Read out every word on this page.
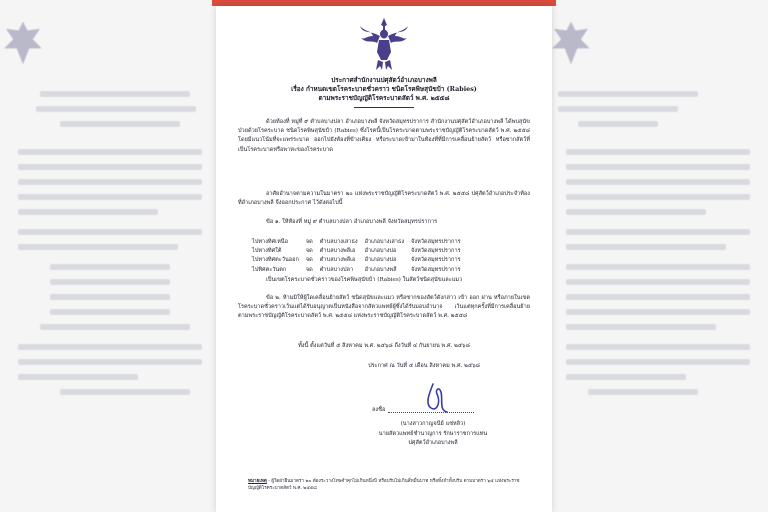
ประกาศสำนักงานปศุสัตว์อำเภอบางพลี
เรื่อง กำหนดเขตโรคระบาดชั่วคราว ชนิดโรคพิษสุนัขบ้า (Rabies)
ตามพระราชบัญญัติโรคระบาดสัตว์ พ.ศ. ๒๕๕๘

ด้วยท้องที่ หมู่ที่ ๙ ตำบลบางปลา อำเภอบางพลี จังหวัดสมุทรปราการ สำนักงานปศุสัตว์อำเภอบางพลี ได้พบสุนัขป่วยด้วยโรคระบาด ชนิดโรคพิษสุนัขบ้า (Rabies) ซึ่งโรคนี้เป็นโรคระบาดตามพระราชบัญญัติโรคระบาดสัตว์ พ.ศ. ๒๕๕๘ โดยมีแนวโน้มที่จะแพร่ระบาด ออกไปยังท้องที่ข้างเคียง หรือระบาดเข้ามาในท้องที่ที่มีการเคลื่อนย้ายสัตว์ หรือซากสัตว์ที่เป็นโรคระบาดหรือพาหะของโรคระบาด

อาศัยอำนาจตามความในมาตรา ๒๐ แห่งพระราชบัญญัติโรคระบาดสัตว์ พ.ศ. ๒๕๕๘ ปศุสัตว์อำเภอประจำท้องที่อำเภอบางพลี จึงออกประกาศ ไว้ดังต่อไปนี้

ข้อ ๑. ให้ท้องที่ หมู่ ๙ ตำบลบางปลา อำเภอบางพลี จังหวัดสมุทรปราการ

ไปทางทิศเหนือ	จด	ตำบลบางเสาธง	อำเภอบางเสาธง	จังหวัดสมุทรปราการ
ไปทางทิศใต้	จด	ตำบลบางพลีเอ	อำเภอบางบ่อ	จังหวัดสมุทรปราการ
ไปทางทิศตะวันออก	จด	ตำบลบางพลีเอ	อำเภอบางบ่อ	จังหวัดสมุทรปราการ
ไปทิศตะวันตก	จด	ตำบลบางปลา	อำเภอบางพลี	จังหวัดสมุทรปราการ

เป็นเขตโรคระบาดชั่วคราวของโรคพิษสุนัขบ้า (Rabies) ในสัตว์ชนิดสุนัขและแมว

ข้อ ๒. ห้ามมิให้ผู้ใดเคลื่อนย้ายสัตว์ ชนิดสุนัขและแมว หรือซากของสัตว์ดังกล่าว เข้า ออก ผ่าน หรือภายในเขตโรคระบาดชั่วคราวเว้นแต่ได้รับอนุญาตเป็นหนังสือจากสัตวแพทย์ผู้ซึ่งได้รับมอบอำนาจ เว้นแต่ทุกครั้งที่มีการเคลื่อนย้ายตามพระราชบัญญัติโรคระบาดสัตว์ พ.ศ. ๒๕๕๘ แห่งพระราชบัญญัติโรคระบาดสัตว์ พ.ศ. ๒๕๕๘

ทั้งนี้ ตั้งแต่วันที่ ๕ สิงหาคม พ.ศ. ๒๕๖๘ ถึงวันที่ ๔ กันยายน พ.ศ. ๒๕๖๘
ประกาศ ณ วันที่ ๕ เดือน สิงหาคม พ.ศ. ๒๕๖๘
ลงชื่อ
(นางสาวกาญจนีย์ แซ่หลิว)
นายสัตวแพทย์ชำนาญการ รักษาราชการแทน
ปศุสัตว์อำเภอบางพลี
หมายเหตุ - ผู้ใดฝ่าฝืนมาตรา ๒๐ ต้องระวางโทษจำคุกไม่เกินหนึ่งปี หรือปรับไม่เกินสี่หมื่นบาท หรือทั้งจำทั้งปรับ ตามมาตรา ๖๕ แห่งพระราชบัญญัติโรคระบาดสัตว์ พ.ศ. ๒๕๕๘
